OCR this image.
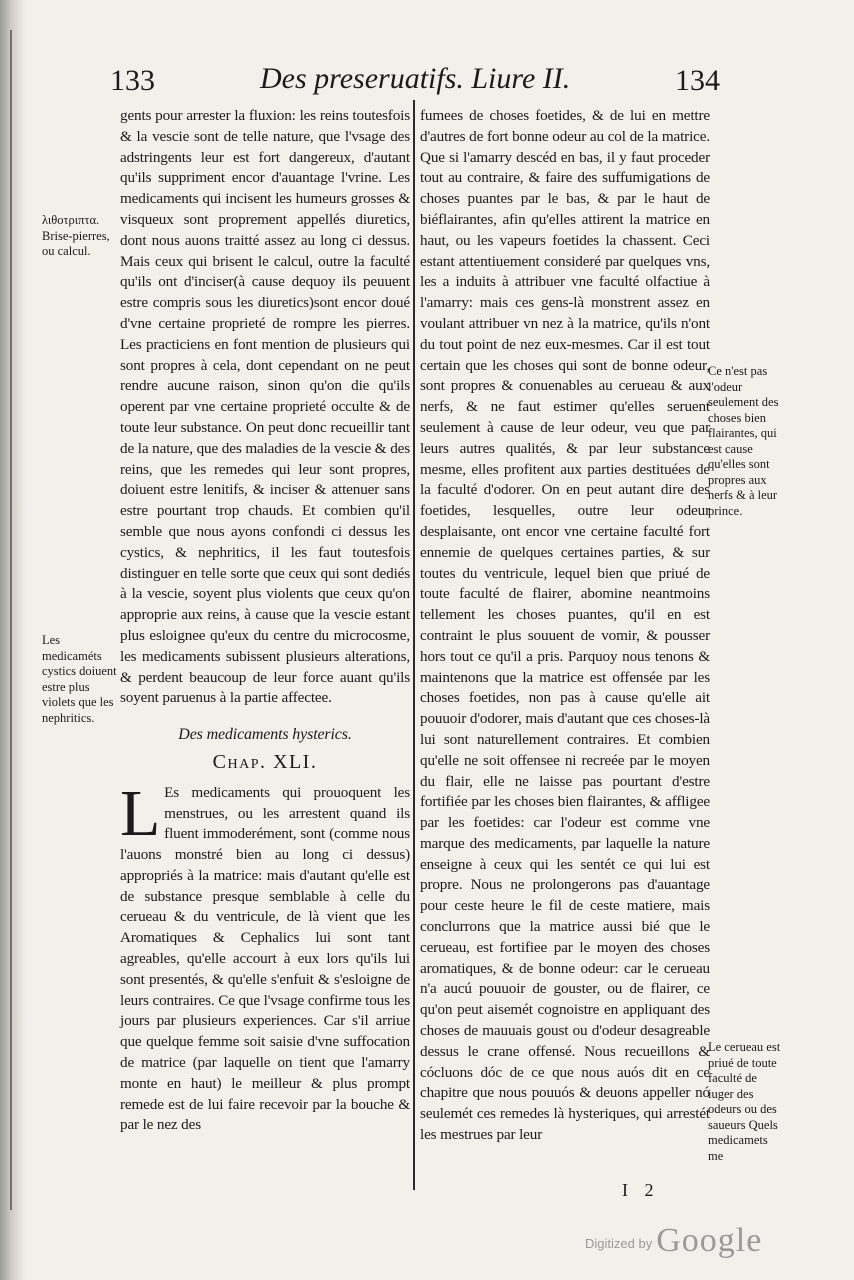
133	Des preseruatifs. Liure II.	134
λιθοτριπτα. Brise-pierres, ou calcul.
Les medicaméts cystics doiuent estre plus violets que les nephritics.

gents pour arrester la fluxion: les reins toutesfois & la vescie sont de telle nature, que l'vsage des adstringents leur est fort dangereux, d'autant qu'ils suppriment encor d'auantage l'vrine. Les medicaments qui incisent les humeurs grosses & visqueux sont proprement appellés diuretics, dont nous auons traitté assez au long ci dessus. Mais ceux qui brisent le calcul, outre la faculté qu'ils ont d'inciser(à cause dequoy ils peuuent estre compris sous les diuretics)sont encor doué d'vne certaine proprieté de rompre les pierres. Les practiciens en font mention de plusieurs qui sont propres à cela, dont cependant on ne peut rendre aucune raison, sinon qu'on die qu'ils operent par vne certaine proprieté occulte & de toute leur substance. On peut donc recueillir tant de la nature, que des maladies de la vescie & des reins, que les remedes qui leur sont propres, doiuent estre lenitifs, & inciser & attenuer sans estre pourtant trop chauds. Et combien qu'il semble que nous ayons confondi ci dessus les cystics, & nephritics, il les faut toutesfois distinguer en telle sorte que ceux qui sont dediés à la vescie, soyent plus violents que ceux qu'on approprie aux reins, à cause que la vescie estant plus esloignee qu'eux du centre du microcosme, les medicaments subissent plusieurs alterations, & perdent beaucoup de leur force auant qu'ils soyent paruenus à la partie affectee.

Des medicaments hysterics.

Chap. XLI.

L Es medicaments qui prouoquent les menstrues, ou les arrestent quand ils fluent immoderément, sont (comme nous l'auons monstré bien au long ci dessus) appropriés à la matrice: mais d'autant qu'elle est de substance presque semblable à celle du cerueau & du ventricule, de là vient que les Aromatiques & Cephalics lui sont tant agreables, qu'elle accourt à eux lors qu'ils lui sont presentés, & qu'elle s'enfuit & s'esloigne de leurs contraires. Ce que l'vsage confirme tous les jours par plusieurs experiences. Car s'il arriue que quelque femme soit saisie d'vne suffocation de matrice (par laquelle on tient que l'amarry monte en haut) le meilleur & plus prompt remede est de lui faire recevoir par la bouche & par le nez des

fumees de choses foetides, & de lui en mettre d'autres de fort bonne odeur au col de la matrice. Que si l'amarry descéd en bas, il y faut proceder tout au contraire, & faire des suffumigations de choses puantes par le bas, & par le haut de biéflairantes, afin qu'elles attirent la matrice en haut, ou les vapeurs foetides la chassent. Ceci estant attentiuement consideré par quelques vns, les a induits à attribuer vne faculté olfactiue à l'amarry: mais ces gens-là monstrent assez en voulant attribuer vn nez à la matrice, qu'ils n'ont du tout point de nez eux-mesmes. Car il est tout certain que les choses qui sont de bonne odeur, sont propres & conuenables au cerueau & aux nerfs, & ne faut estimer qu'elles seruent seulement à cause de leur odeur, veu que par leurs autres qualités, & par leur substance mesme, elles profitent aux parties destituées de la faculté d'odorer. On en peut autant dire des foetides, lesquelles, outre leur odeur desplaisante, ont encor vne certaine faculté fort ennemie de quelques certaines parties, & sur toutes du ventricule, lequel bien que priué de toute faculté de flairer, abomine neantmoins tellement les choses puantes, qu'il en est contraint le plus souuent de vomir, & pousser hors tout ce qu'il a pris. Parquoy nous tenons & maintenons que la matrice est offensée par les choses foetides, non pas à cause qu'elle ait pouuoir d'odorer, mais d'autant que ces choses-là lui sont naturellement contraires. Et combien qu'elle ne soit offensee ni recreée par le moyen du flair, elle ne laisse pas pourtant d'estre fortifiée par les choses bien flairantes, & affligee par les foetides: car l'odeur est comme vne marque des medicaments, par laquelle la nature enseigne à ceux qui les sentét ce qui lui est propre. Nous ne prolongerons pas d'auantage pour ceste heure le fil de ceste matiere, mais conclurrons que la matrice aussi bié que le cerueau, est fortifiee par le moyen des choses aromatiques, & de bonne odeur: car le cerueau n'a aucú pouuoir de gouster, ou de flairer, ce qu'on peut aisemét cognoistre en appliquant des choses de mauuais goust ou d'odeur desagreable dessus le crane offensé. Nous recueillons & cócluons dóc de ce que nous auós dit en ce chapitre que nous pouuós & deuons appeller nó seulemét ces remedes là hysteriques, qui arrestét les mestrues par leur

Ce n'est pas l'odeur seulement des choses bien flairantes, qui est cause qu'elles sont propres aux nerfs & à leur prince.
Le cerueau est priué de toute faculté de iuger des odeurs ou des saueurs Quels medicamets me
I 2
Digitized by Google
